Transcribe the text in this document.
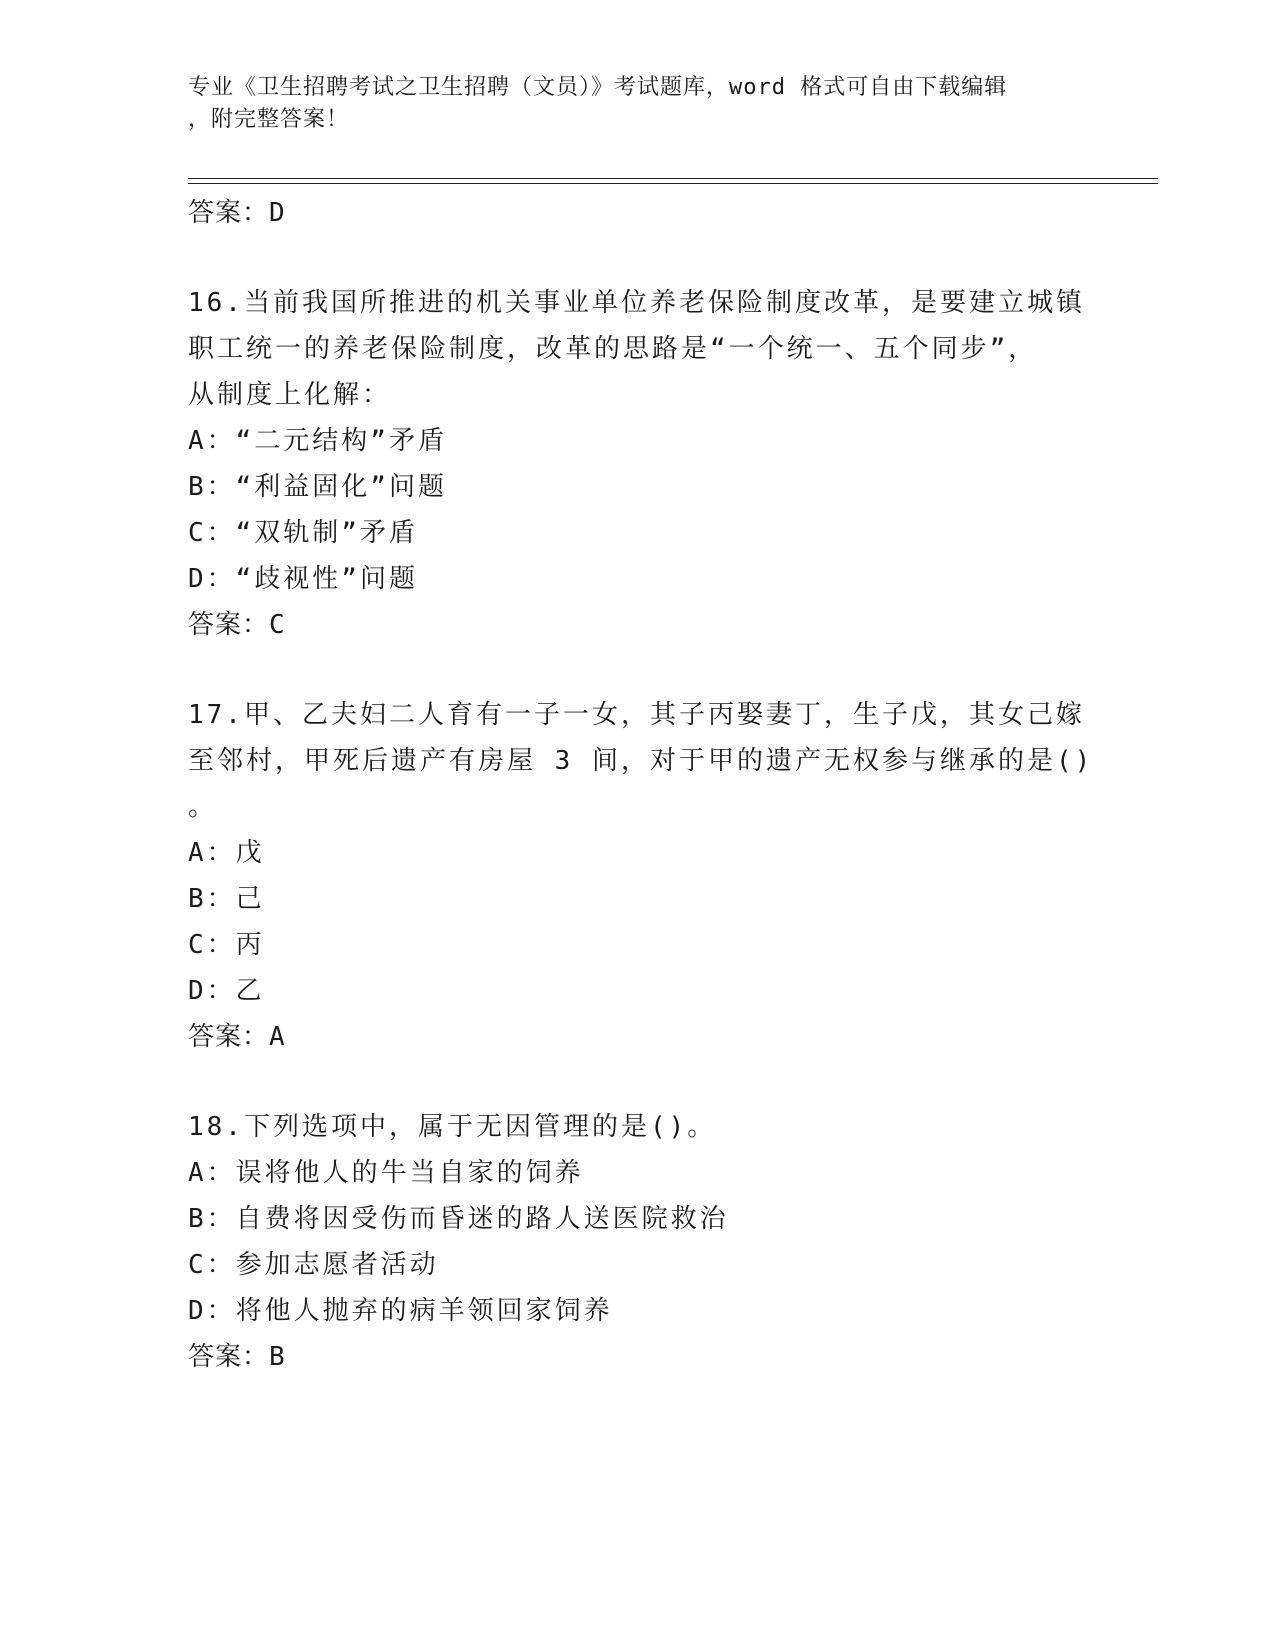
专业《卫生招聘考试之卫生招聘（文员）》考试题库，word 格式可自由下载编辑
，附完整答案！
答案：D
16.当前我国所推进的机关事业单位养老保险制度改革，是要建立城镇
职工统一的养老保险制度，改革的思路是“一个统一、五个同步”，
从制度上化解：
A：“二元结构”矛盾
B：“利益固化”问题
C：“双轨制”矛盾
D：“歧视性”问题
答案：C
17.甲、乙夫妇二人育有一子一女，其子丙娶妻丁，生子戊，其女己嫁
至邻村，甲死后遗产有房屋 3 间，对于甲的遗产无权参与继承的是()
。
A：戊
B：己
C：丙
D：乙
答案：A
18.下列选项中，属于无因管理的是()。
A：误将他人的牛当自家的饲养
B：自费将因受伤而昏迷的路人送医院救治
C：参加志愿者活动
D：将他人抛弃的病羊领回家饲养
答案：B
